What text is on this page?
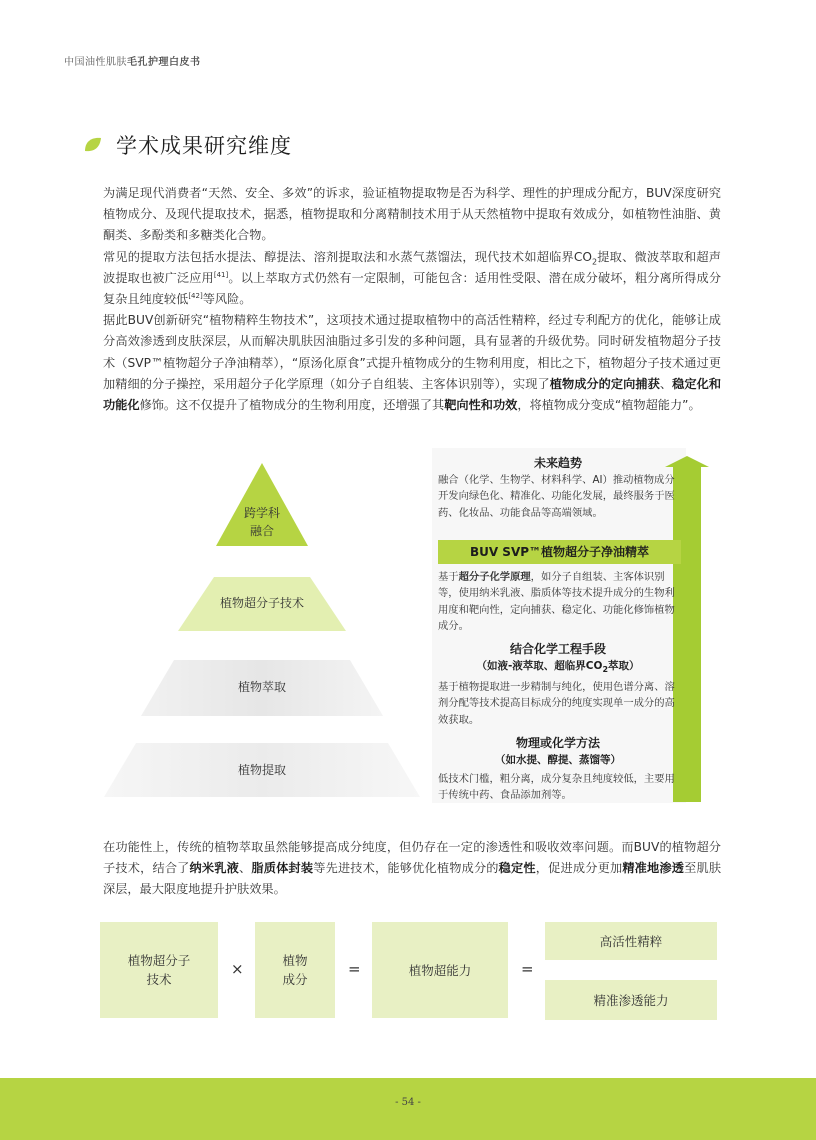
中国油性肌肤毛孔护理白皮书
学术成果研究维度

为满足现代消费者“天然、安全、多效”的诉求，验证植物提取物是否为科学、理性的护理成分配方，BUV深度研究植物成分、及现代提取技术，据悉，植物提取和分离精制技术用于从天然植物中提取有效成分，如植物性油脂、黄酮类、多酚类和多糖类化合物。

常见的提取方法包括水提法、醇提法、溶剂提取法和水蒸气蒸馏法，现代技术如超临界$CO_2$提取、微波萃取和超声波提取也被广泛应用[41]。以上萃取方式仍然有一定限制，可能包含：适用性受限、潜在成分破坏，粗分离所得成分复杂且纯度较低[42]等风险。

据此BUV创新研究“植物精粹生物技术”，这项技术通过提取植物中的高活性精粹，经过专利配方的优化，能够让成分高效渗透到皮肤深层，从而解决肌肤因油脂过多引发的多种问题，具有显著的升级优势。同时研发植物超分子技术（SVP™植物超分子净油精萃），“原汤化原食”式提升植物成分的生物利用度，相比之下，植物超分子技术通过更加精细的分子操控，采用超分子化学原理（如分子自组装、主客体识别等），实现了植物成分的定向捕获、稳定化和功能化修饰。这不仅提升了植物成分的生物利用度，还增强了其靶向性和功效，将植物成分变成“植物超能力”。

跨学科
融合
植物超分子技术
植物萃取
植物提取
未来趋势
融合（化学、生物学、材料科学、AI）推动植物成分开发向绿色化、精准化、功能化发展，最终服务于医药、化妆品、功能食品等高端领域。
BUV SVP™植物超分子净油精萃
基于超分子化学原理，如分子自组装、主客体识别等，使用纳米乳液、脂质体等技术提升成分的生物利用度和靶向性，定向捕获、稳定化、功能化修饰植物成分。
结合化学工程手段
（如液-液萃取、超临界$CO_2$萃取）
基于植物提取进一步精制与纯化，使用色谱分离、溶剂分配等技术提高目标成分的纯度实现单一成分的高效获取。
物理或化学方法
（如水提、醇提、蒸馏等）
低技术门槛，粗分离，成分复杂且纯度较低，主要用于传统中药、食品添加剂等。
在功能性上，传统的植物萃取虽然能够提高成分纯度，但仍存在一定的渗透性和吸收效率问题。而BUV的植物超分子技术，结合了纳米乳液、脂质体封装等先进技术，能够优化植物成分的稳定性，促进成分更加精准地渗透至肌肤深层，最大限度地提升护肤效果。
植物超分子
技术
×	植物
成分
=	植物超能力	=
高活性精粹
精准渗透能力
- 54 -
